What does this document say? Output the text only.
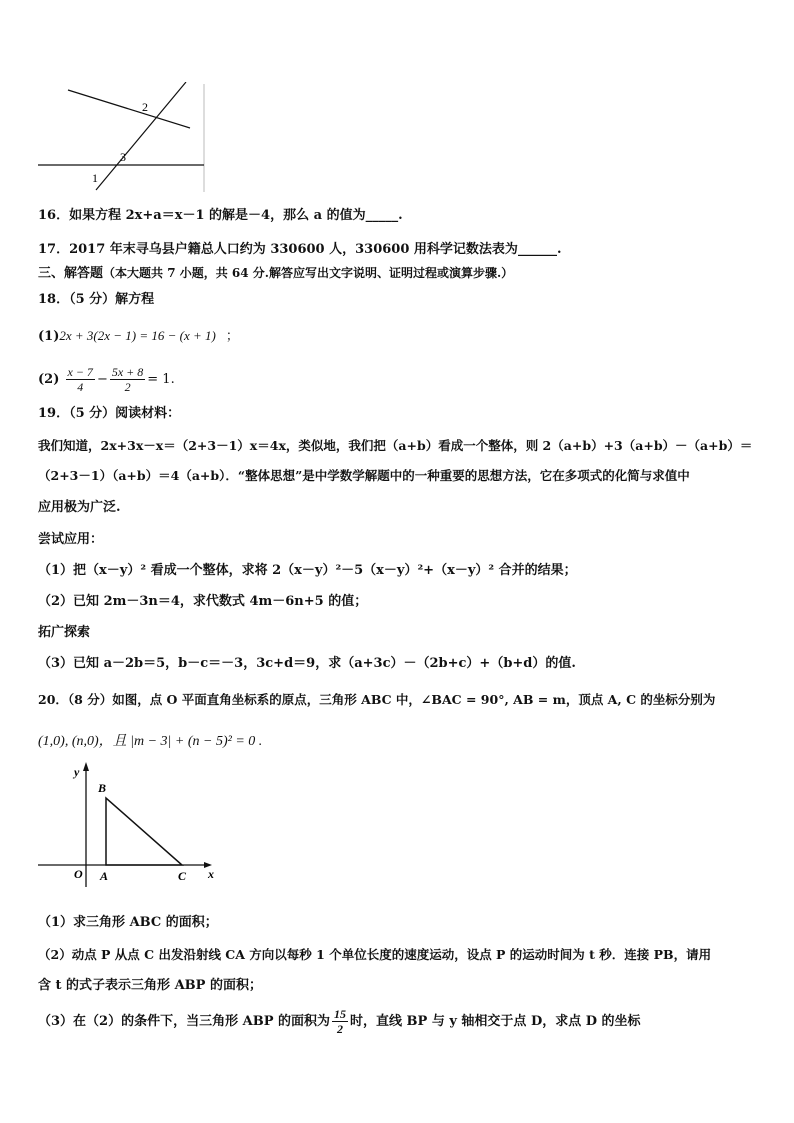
2
3
1
16．如果方程 2x+a＝x－1 的解是－4，那么 a 的值为_____.
17．2017 年末寻乌县户籍总人口约为 330600 人，330600 用科学记数法表为______.
三、解答题（本大题共 7 小题，共 64 分.解答应写出文字说明、证明过程或演算步骤.）
18．（5 分）解方程
(1)2x + 3(2x − 1) = 16 − (x + 1) ；
$(2) \frac{x - 7}{4} - \frac{5x + 8}{2} = 1$.
19．（5 分）阅读材料：
我们知道，2x+3x－x＝（2+3－1）x＝4x，类似地，我们把（a+b）看成一个整体，则 2（a+b）+3（a+b）－（a+b）＝
（2+3－1）（a+b）＝4（a+b）．“整体思想”是中学数学解题中的一种重要的思想方法，它在多项式的化简与求值中
应用极为广泛.
尝试应用：
（1）把（x－y）² 看成一个整体，求将 2（x－y）²－5（x－y）²+（x－y）² 合并的结果；
（2）已知 2m－3n＝4，求代数式 4m－6n+5 的值；
拓广探索
（3）已知 a－2b＝5，b－c＝－3，3c+d＝9，求（a+3c）－（2b+c）+（b+d）的值.
20．（8 分）如图，点 O 平面直角坐标系的原点，三角形 ABC 中，∠BAC = 90°, AB = m，顶点 A, C 的坐标分别为
(1,0), (n,0)，且 |m − 3| + (n − 5)² = 0 .
y
x
O A
B
C
（1）求三角形 ABC 的面积；
（2）动点 P 从点 C 出发沿射线 CA 方向以每秒 1 个单位长度的速度运动，设点 P 的运动时间为 t 秒．连接 PB，请用
含 t 的式子表示三角形 ABP 的面积；
（3）在（2）的条件下，当三角形 ABP 的面积为 $\frac{15}{2}$ 时，直线 BP 与 y 轴相交于点 D，求点 D 的坐标
